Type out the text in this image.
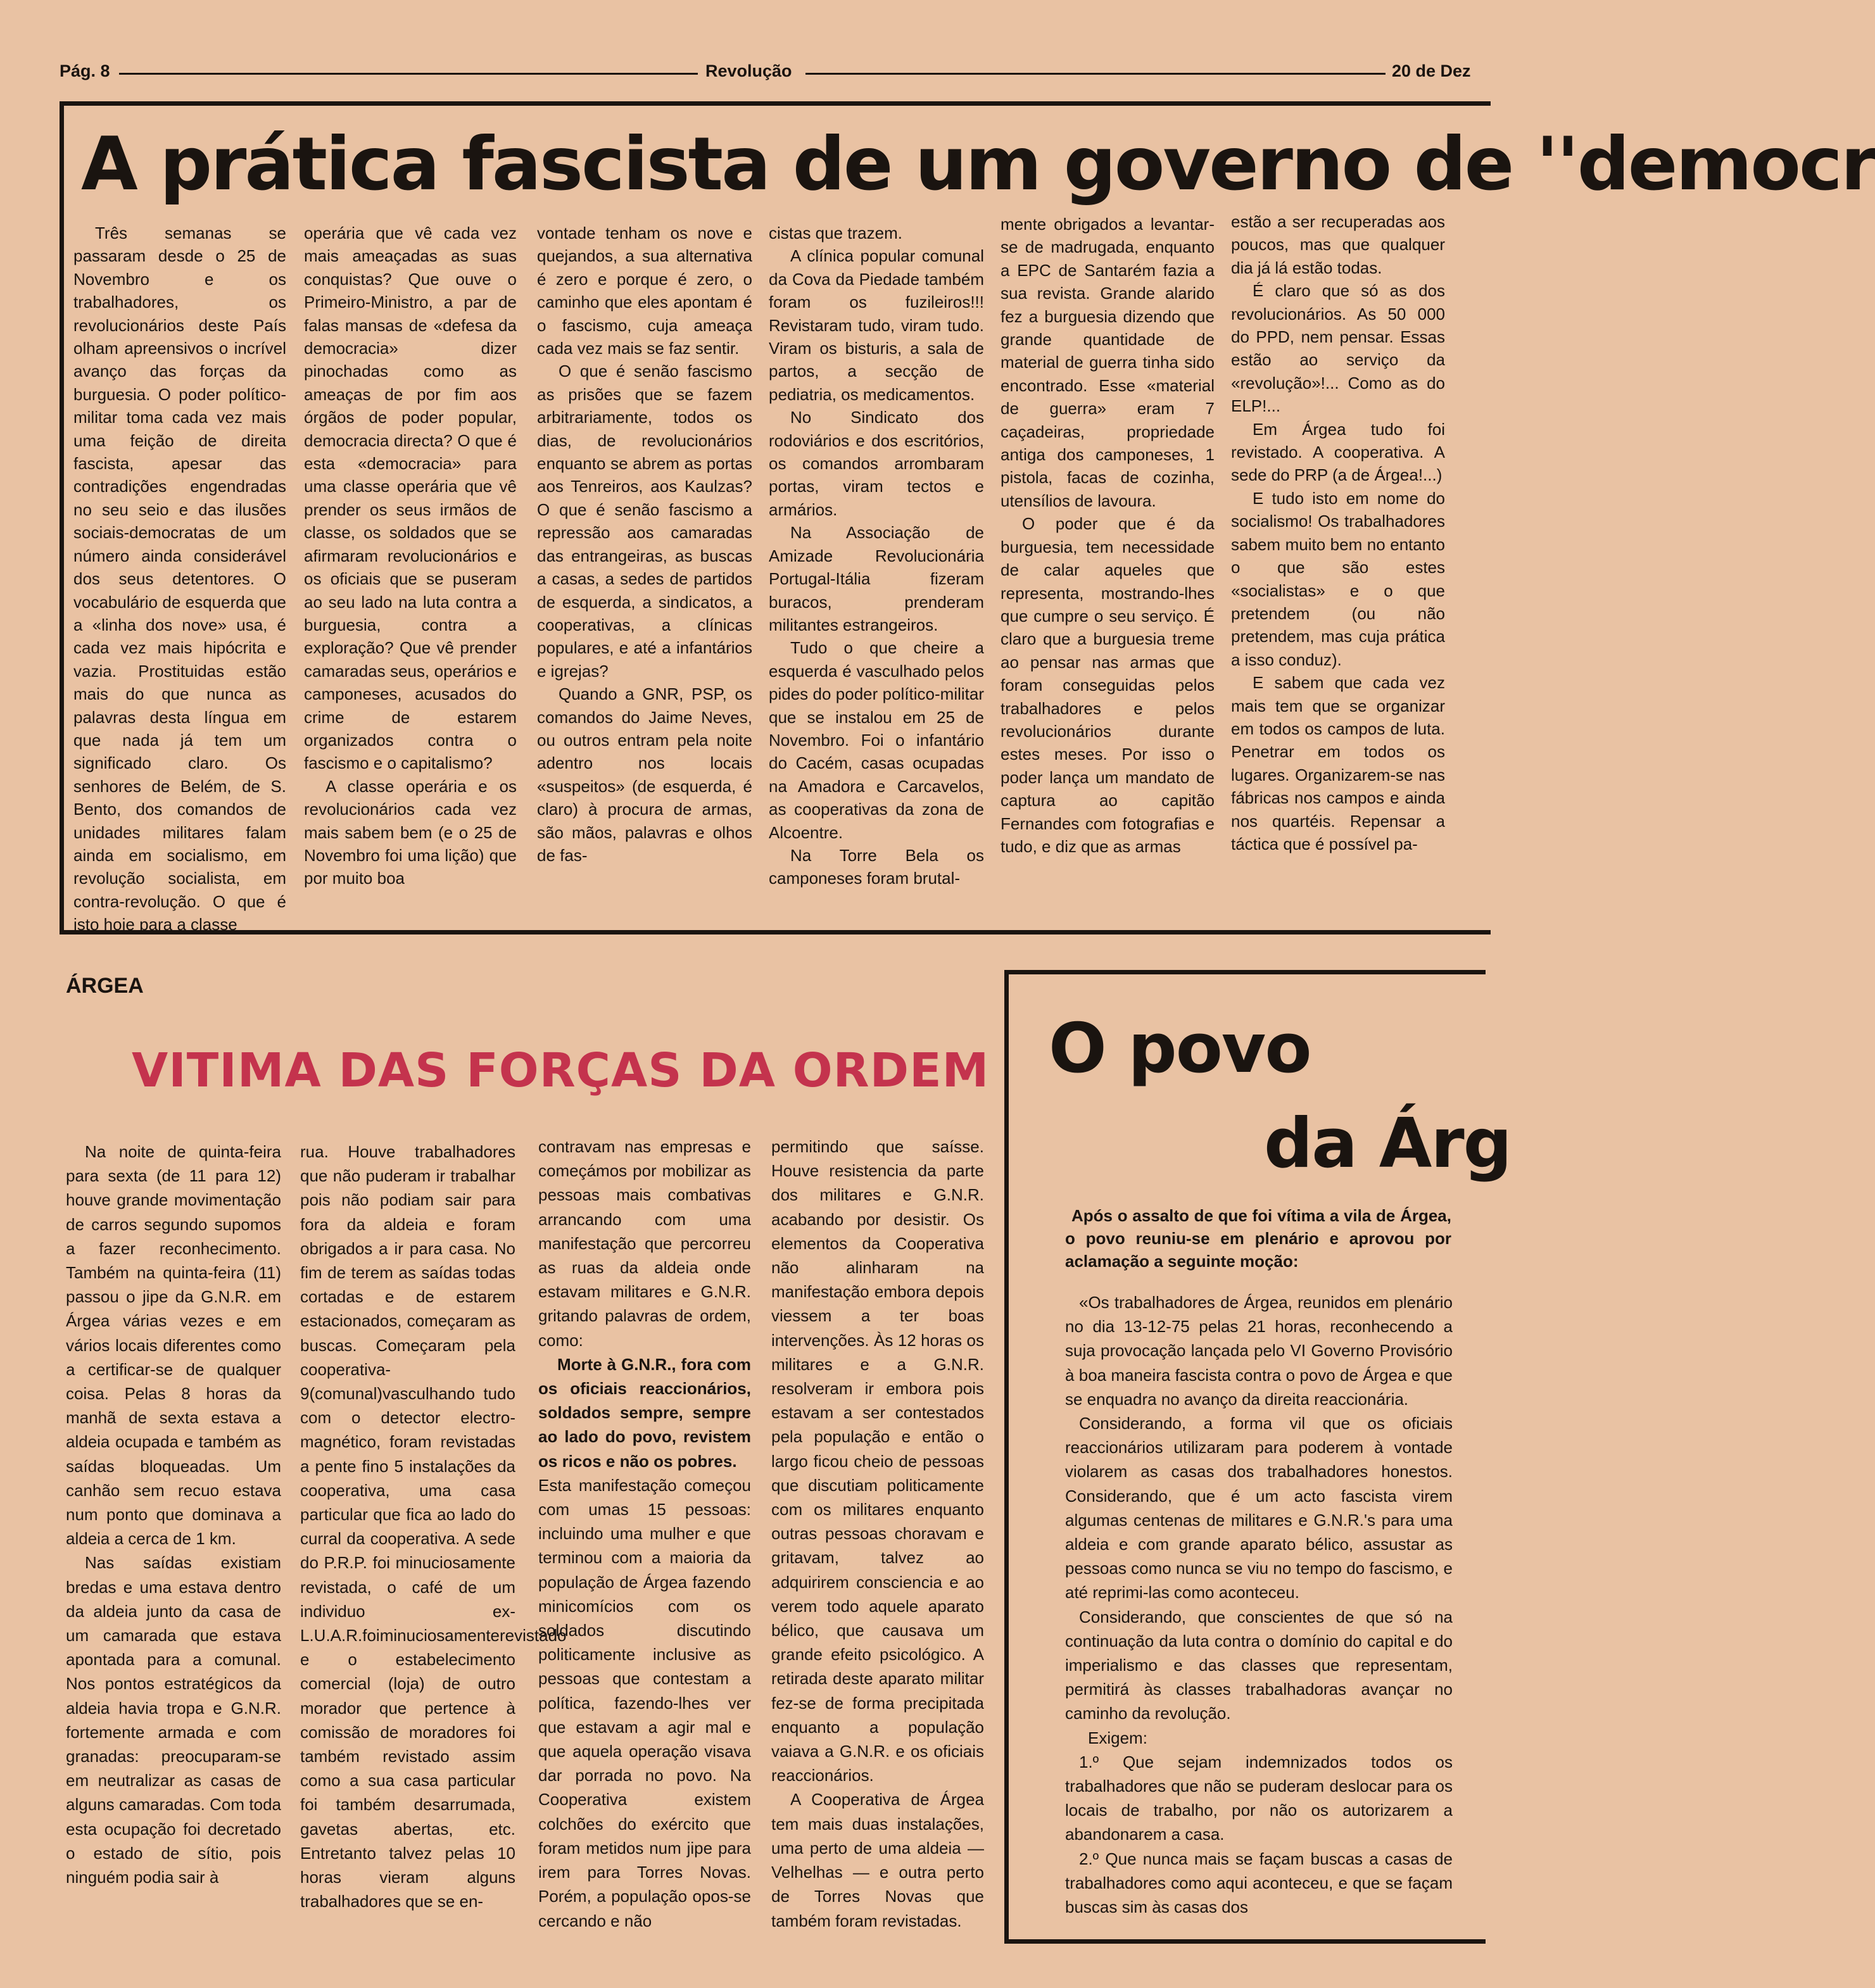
Pág. 8	Revolução	20 de Dez
A prática fascista de um governo de ''democr

Três semanas se passaram desde o 25 de Novembro e os trabalhadores, os revolucionários deste País olham apreensivos o incrível avanço das forças da burguesia. O poder político-militar toma cada vez mais uma feição de direita fascista, apesar das contradições engendradas no seu seio e das ilusões sociais-democratas de um número ainda considerável dos seus detentores. O vocabulário de esquerda que a «linha dos nove» usa, é cada vez mais hipócrita e vazia. Prostituidas estão mais do que nunca as palavras desta língua em que nada já tem um significado claro. Os senhores de Belém, de S. Bento, dos comandos de unidades militares falam ainda em socialismo, em revolução socialista, em contra-revolução. O que é isto hoje para a classe

operária que vê cada vez mais ameaçadas as suas conquistas? Que ouve o Primeiro-Ministro, a par de falas mansas de «defesa da democracia» dizer pinochadas como as ameaças de por fim aos órgãos de poder popular, democracia directa? O que é esta «democracia» para uma classe operária que vê prender os seus irmãos de classe, os soldados que se afirmaram revolucionários e os oficiais que se puseram ao seu lado na luta contra a burguesia, contra a exploração? Que vê prender camaradas seus, operários e camponeses, acusados do crime de estarem organizados contra o fascismo e o capitalismo?

A classe operária e os revolucionários cada vez mais sabem bem (e o 25 de Novembro foi uma lição) que por muito boa

vontade tenham os nove e quejandos, a sua alternativa é zero e porque é zero, o caminho que eles apontam é o fascismo, cuja ameaça cada vez mais se faz sentir.

O que é senão fascismo as prisões que se fazem arbitrariamente, todos os dias, de revolucionários enquanto se abrem as portas aos Tenreiros, aos Kaulzas? O que é senão fascismo a repressão aos camaradas das entrangeiras, as buscas a casas, a sedes de partidos de esquerda, a sindicatos, a cooperativas, a clínicas populares, e até a infantários e igrejas?

Quando a GNR, PSP, os comandos do Jaime Neves, ou outros entram pela noite adentro nos locais «suspeitos» (de esquerda, é claro) à procura de armas, são mãos, palavras e olhos de fas-

cistas que trazem.

A clínica popular comunal da Cova da Piedade também foram os fuzileiros!!! Revistaram tudo, viram tudo. Viram os bisturis, a sala de partos, a secção de pediatria, os medicamentos.

No Sindicato dos rodoviários e dos escritórios, os comandos arrombaram portas, viram tectos e armários.

Na Associação de Amizade Revolucionária Portugal-Itália fizeram buracos, prenderam militantes estrangeiros.

Tudo o que cheire a esquerda é vasculhado pelos pides do poder político-militar que se instalou em 25 de Novembro. Foi o infantário do Cacém, casas ocupadas na Amadora e Carcavelos, as cooperativas da zona de Alcoentre.

Na Torre Bela os camponeses foram brutal-

mente obrigados a levantar-se de madrugada, enquanto a EPC de Santarém fazia a sua revista. Grande alarido fez a burguesia dizendo que grande quantidade de material de guerra tinha sido encontrado. Esse «material de guerra» eram 7 caçadeiras, propriedade antiga dos camponeses, 1 pistola, facas de cozinha, utensílios de lavoura.

O poder que é da burguesia, tem necessidade de calar aqueles que representa, mostrando-lhes que cumpre o seu serviço. É claro que a burguesia treme ao pensar nas armas que foram conseguidas pelos trabalhadores e pelos revolucionários durante estes meses. Por isso o poder lança um mandato de captura ao capitão Fernandes com fotografias e tudo, e diz que as armas

estão a ser recuperadas aos poucos, mas que qualquer dia já lá estão todas.

É claro que só as dos revolucionários. As 50 000 do PPD, nem pensar. Essas estão ao serviço da «revolução»!... Como as do ELP!...

Em Árgea tudo foi revistado. A cooperativa. A sede do PRP (a de Árgea!...)

E tudo isto em nome do socialismo! Os trabalhadores sabem muito bem no entanto o que são estes «socialistas» e o que pretendem (ou não pretendem, mas cuja prática a isso conduz).

E sabem que cada vez mais tem que se organizar em todos os campos de luta. Penetrar em todos os lugares. Organizarem-se nas fábricas nos campos e ainda nos quartéis. Repensar a táctica que é possível pa-

ÁRGEA
VITIMA DAS FORÇAS DA ORDEM

Na noite de quinta-feira para sexta (de 11 para 12) houve grande movimentação de carros segundo supomos a fazer reconhecimento. Também na quinta-feira (11) passou o jipe da G.N.R. em Árgea várias vezes e em vários locais diferentes como a certificar-se de qualquer coisa. Pelas 8 horas da manhã de sexta estava a aldeia ocupada e também as saídas bloqueadas. Um canhão sem recuo estava num ponto que dominava a aldeia a cerca de 1 km.

Nas saídas existiam bredas e uma estava dentro da aldeia junto da casa de um camarada que estava apontada para a comunal. Nos pontos estratégicos da aldeia havia tropa e G.N.R. fortemente armada e com granadas: preocuparam-se em neutralizar as casas de alguns camaradas. Com toda esta ocupação foi decretado o estado de sítio, pois ninguém podia sair à

rua. Houve trabalhadores que não puderam ir trabalhar pois não podiam sair para fora da aldeia e foram obrigados a ir para casa. No fim de terem as saídas todas cortadas e de estarem estacionados, começaram as buscas. Começaram pela cooperativa-9(comunal)vasculhando tudo com o detector electro-magnético, foram revistadas a pente fino 5 instalações da cooperativa, uma casa particular que fica ao lado do curral da cooperativa. A sede do P.R.P. foi minuciosamente revistada, o café de um individuo ex-L.U.A.R.foiminuciosamenterevistado e o estabelecimento comercial (loja) de outro morador que pertence à comissão de moradores foi também revistado assim como a sua casa particular foi também desarrumada, gavetas abertas, etc. Entretanto talvez pelas 10 horas vieram alguns trabalhadores que se en-

contravam nas empresas e começámos por mobilizar as pessoas mais combativas arrancando com uma manifestação que percorreu as ruas da aldeia onde estavam militares e G.N.R. gritando palavras de ordem, como:

Morte à G.N.R., fora com os oficiais reaccionários, soldados sempre, sempre ao lado do povo, revistem os ricos e não os pobres.

Esta manifestação começou com umas 15 pessoas: incluindo uma mulher e que terminou com a maioria da população de Árgea fazendo minicomícios com os soldados discutindo politicamente inclusive as pessoas que contestam a política, fazendo-lhes ver que estavam a agir mal e que aquela operação visava dar porrada no povo. Na Cooperativa existem colchões do exército que foram metidos num jipe para irem para Torres Novas. Porém, a população opos-se cercando e não

permitindo que saísse. Houve resistencia da parte dos militares e G.N.R. acabando por desistir. Os elementos da Cooperativa não alinharam na manifestação embora depois viessem a ter boas intervenções. Às 12 horas os militares e a G.N.R. resolveram ir embora pois estavam a ser contestados pela população e então o largo ficou cheio de pessoas que discutiam politicamente com os militares enquanto outras pessoas choravam e gritavam, talvez ao adquirirem consciencia e ao verem todo aquele aparato bélico, que causava um grande efeito psicológico. A retirada deste aparato militar fez-se de forma precipitada enquanto a população vaiava a G.N.R. e os oficiais reaccionários.

A Cooperativa de Árgea tem mais duas instalações, uma perto de uma aldeia — Velhelhas — e outra perto de Torres Novas que também foram revistadas.

O povo
da Árg
Após o assalto de que foi vítima a vila de Árgea, o povo reuniu-se em plenário e aprovou por aclamação a seguinte moção:

«Os trabalhadores de Árgea, reunidos em plenário no dia 13-12-75 pelas 21 horas, reconhecendo a suja provocação lançada pelo VI Governo Provisório à boa maneira fascista contra o povo de Árgea e que se enquadra no avanço da direita reaccionária.

Considerando, a forma vil que os oficiais reaccionários utilizaram para poderem à vontade violarem as casas dos trabalhadores honestos. Considerando, que é um acto fascista virem algumas centenas de militares e G.N.R.'s para uma aldeia e com grande aparato bélico, assustar as pessoas como nunca se viu no tempo do fascismo, e até reprimi-las como aconteceu.

Considerando, que conscientes de que só na continuação da luta contra o domínio do capital e do imperialismo e das classes que representam, permitirá às classes trabalhadoras avançar no caminho da revolução.

Exigem:

1.º Que sejam indemnizados todos os trabalhadores que não se puderam deslocar para os locais de trabalho, por não os autorizarem a abandonarem a casa.

2.º Que nunca mais se façam buscas a casas de trabalhadores como aqui aconteceu, e que se façam buscas sim às casas dos
